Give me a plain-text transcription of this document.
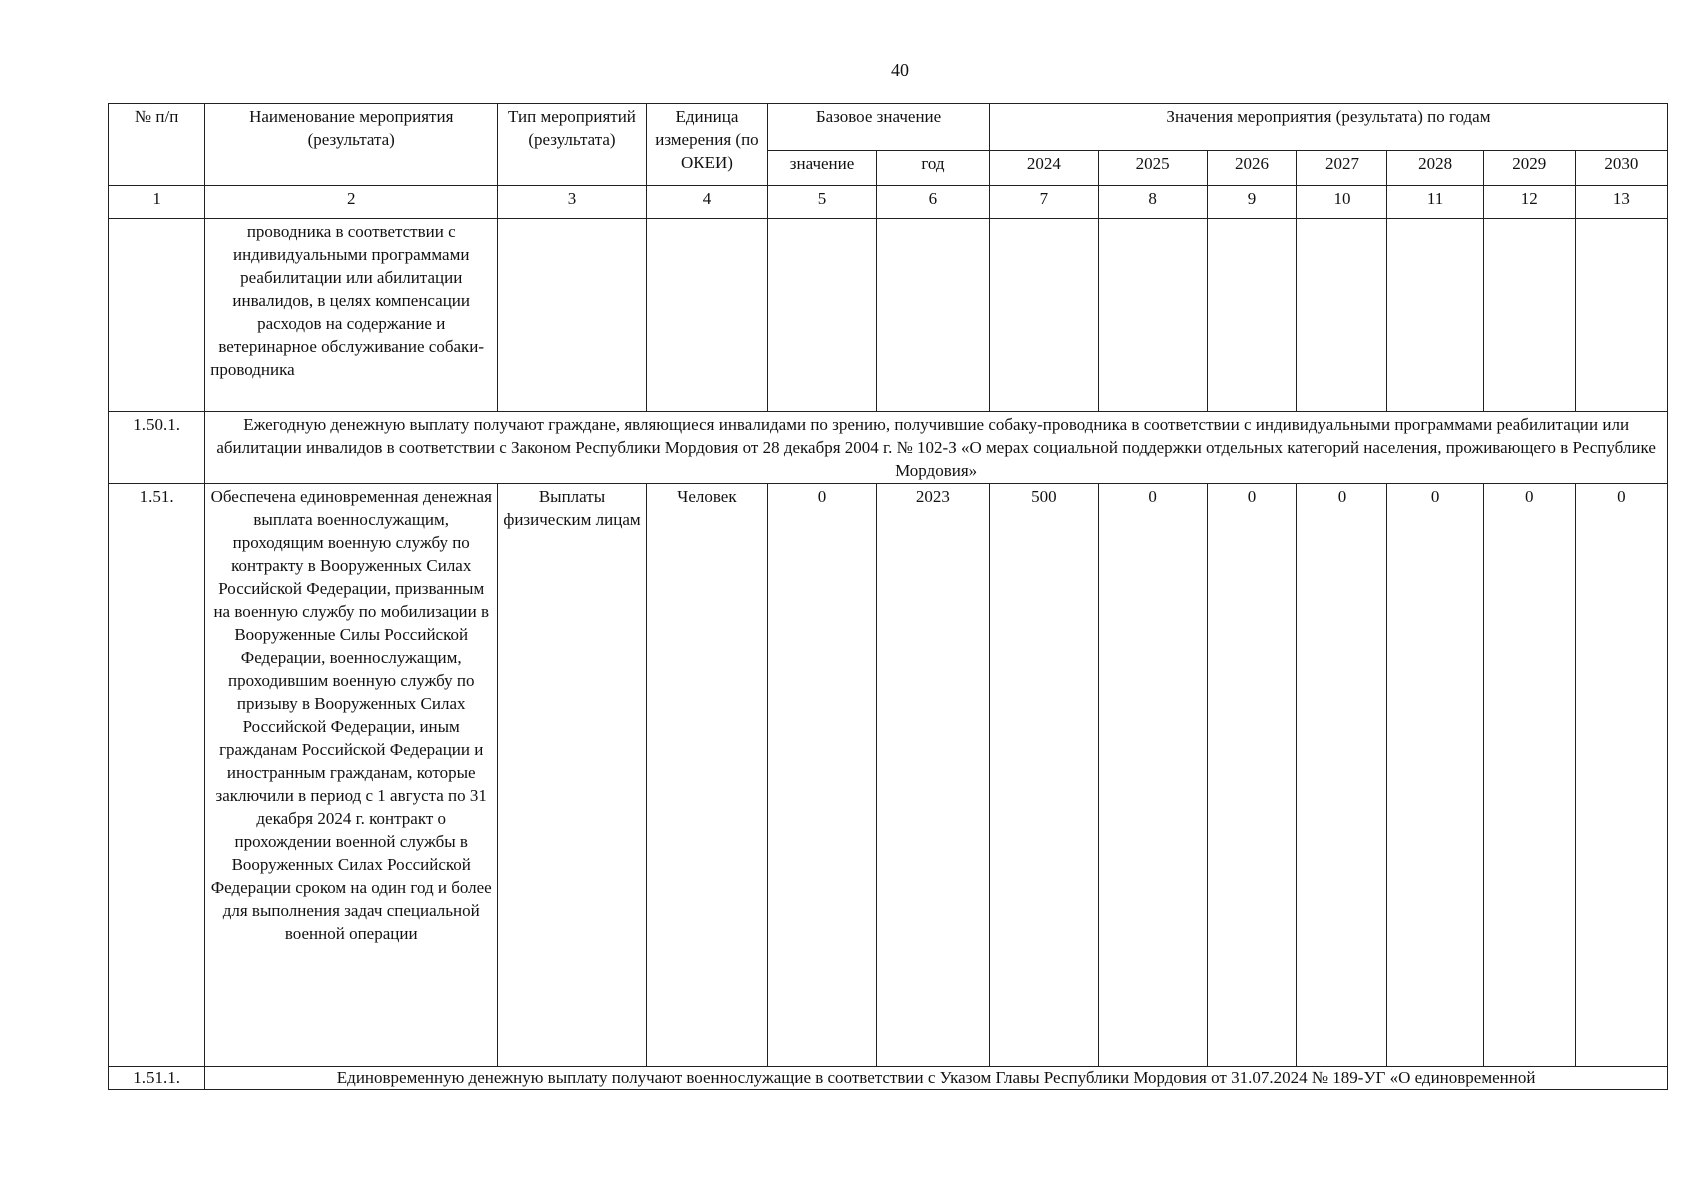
40
№ п/п	Наименование мероприятия (результата)	Тип мероприятий (результата)	Единица измерения (по ОКЕИ)	Базовое значение		Значения мероприятия (результата) по годам						
				значение	год	2024	2025	2026	2027	2028	2029	2030
1	2	3	4	5	6	7	8	9	10	11	12	13
	проводника в соответствии с индивидуальными программами реабилитации или абилитации инвалидов, в целях компенсации расходов на содержание и ветеринарное обслуживание собаки-проводника											
1.50.1.	Ежегодную денежную выплату получают граждане, являющиеся инвалидами по зрению, получившие собаку-проводника в соответствии с индивидуальными программами реабилитации или абилитации инвалидов в соответствии с Законом Республики Мордовия от 28 декабря 2004 г. № 102-З «О мерах социальной поддержки отдельных категорий населения, проживающего в Республике Мордовия»											
1.51.	Обеспечена единовременная денежная выплата военнослужащим, проходящим военную службу по контракту в Вооруженных Силах Российской Федерации, призванным на военную службу по мобилизации в Вооруженные Силы Российской Федерации, военнослужащим, проходившим военную службу по призыву в Вооруженных Силах Российской Федерации, иным гражданам Российской Федерации и иностранным гражданам, которые заключили в период с 1 августа по 31 декабря 2024 г. контракт о прохождении военной службы в Вооруженных Силах Российской Федерации сроком на один год и более для выполнения задач специальной военной операции	Выплаты физическим лицам	Человек	0	2023	500	0	0	0	0	0	0
1.51.1.	Единовременную денежную выплату получают военнослужащие в соответствии с Указом Главы Республики Мордовия от 31.07.2024 № 189-УГ «О единовременной											
